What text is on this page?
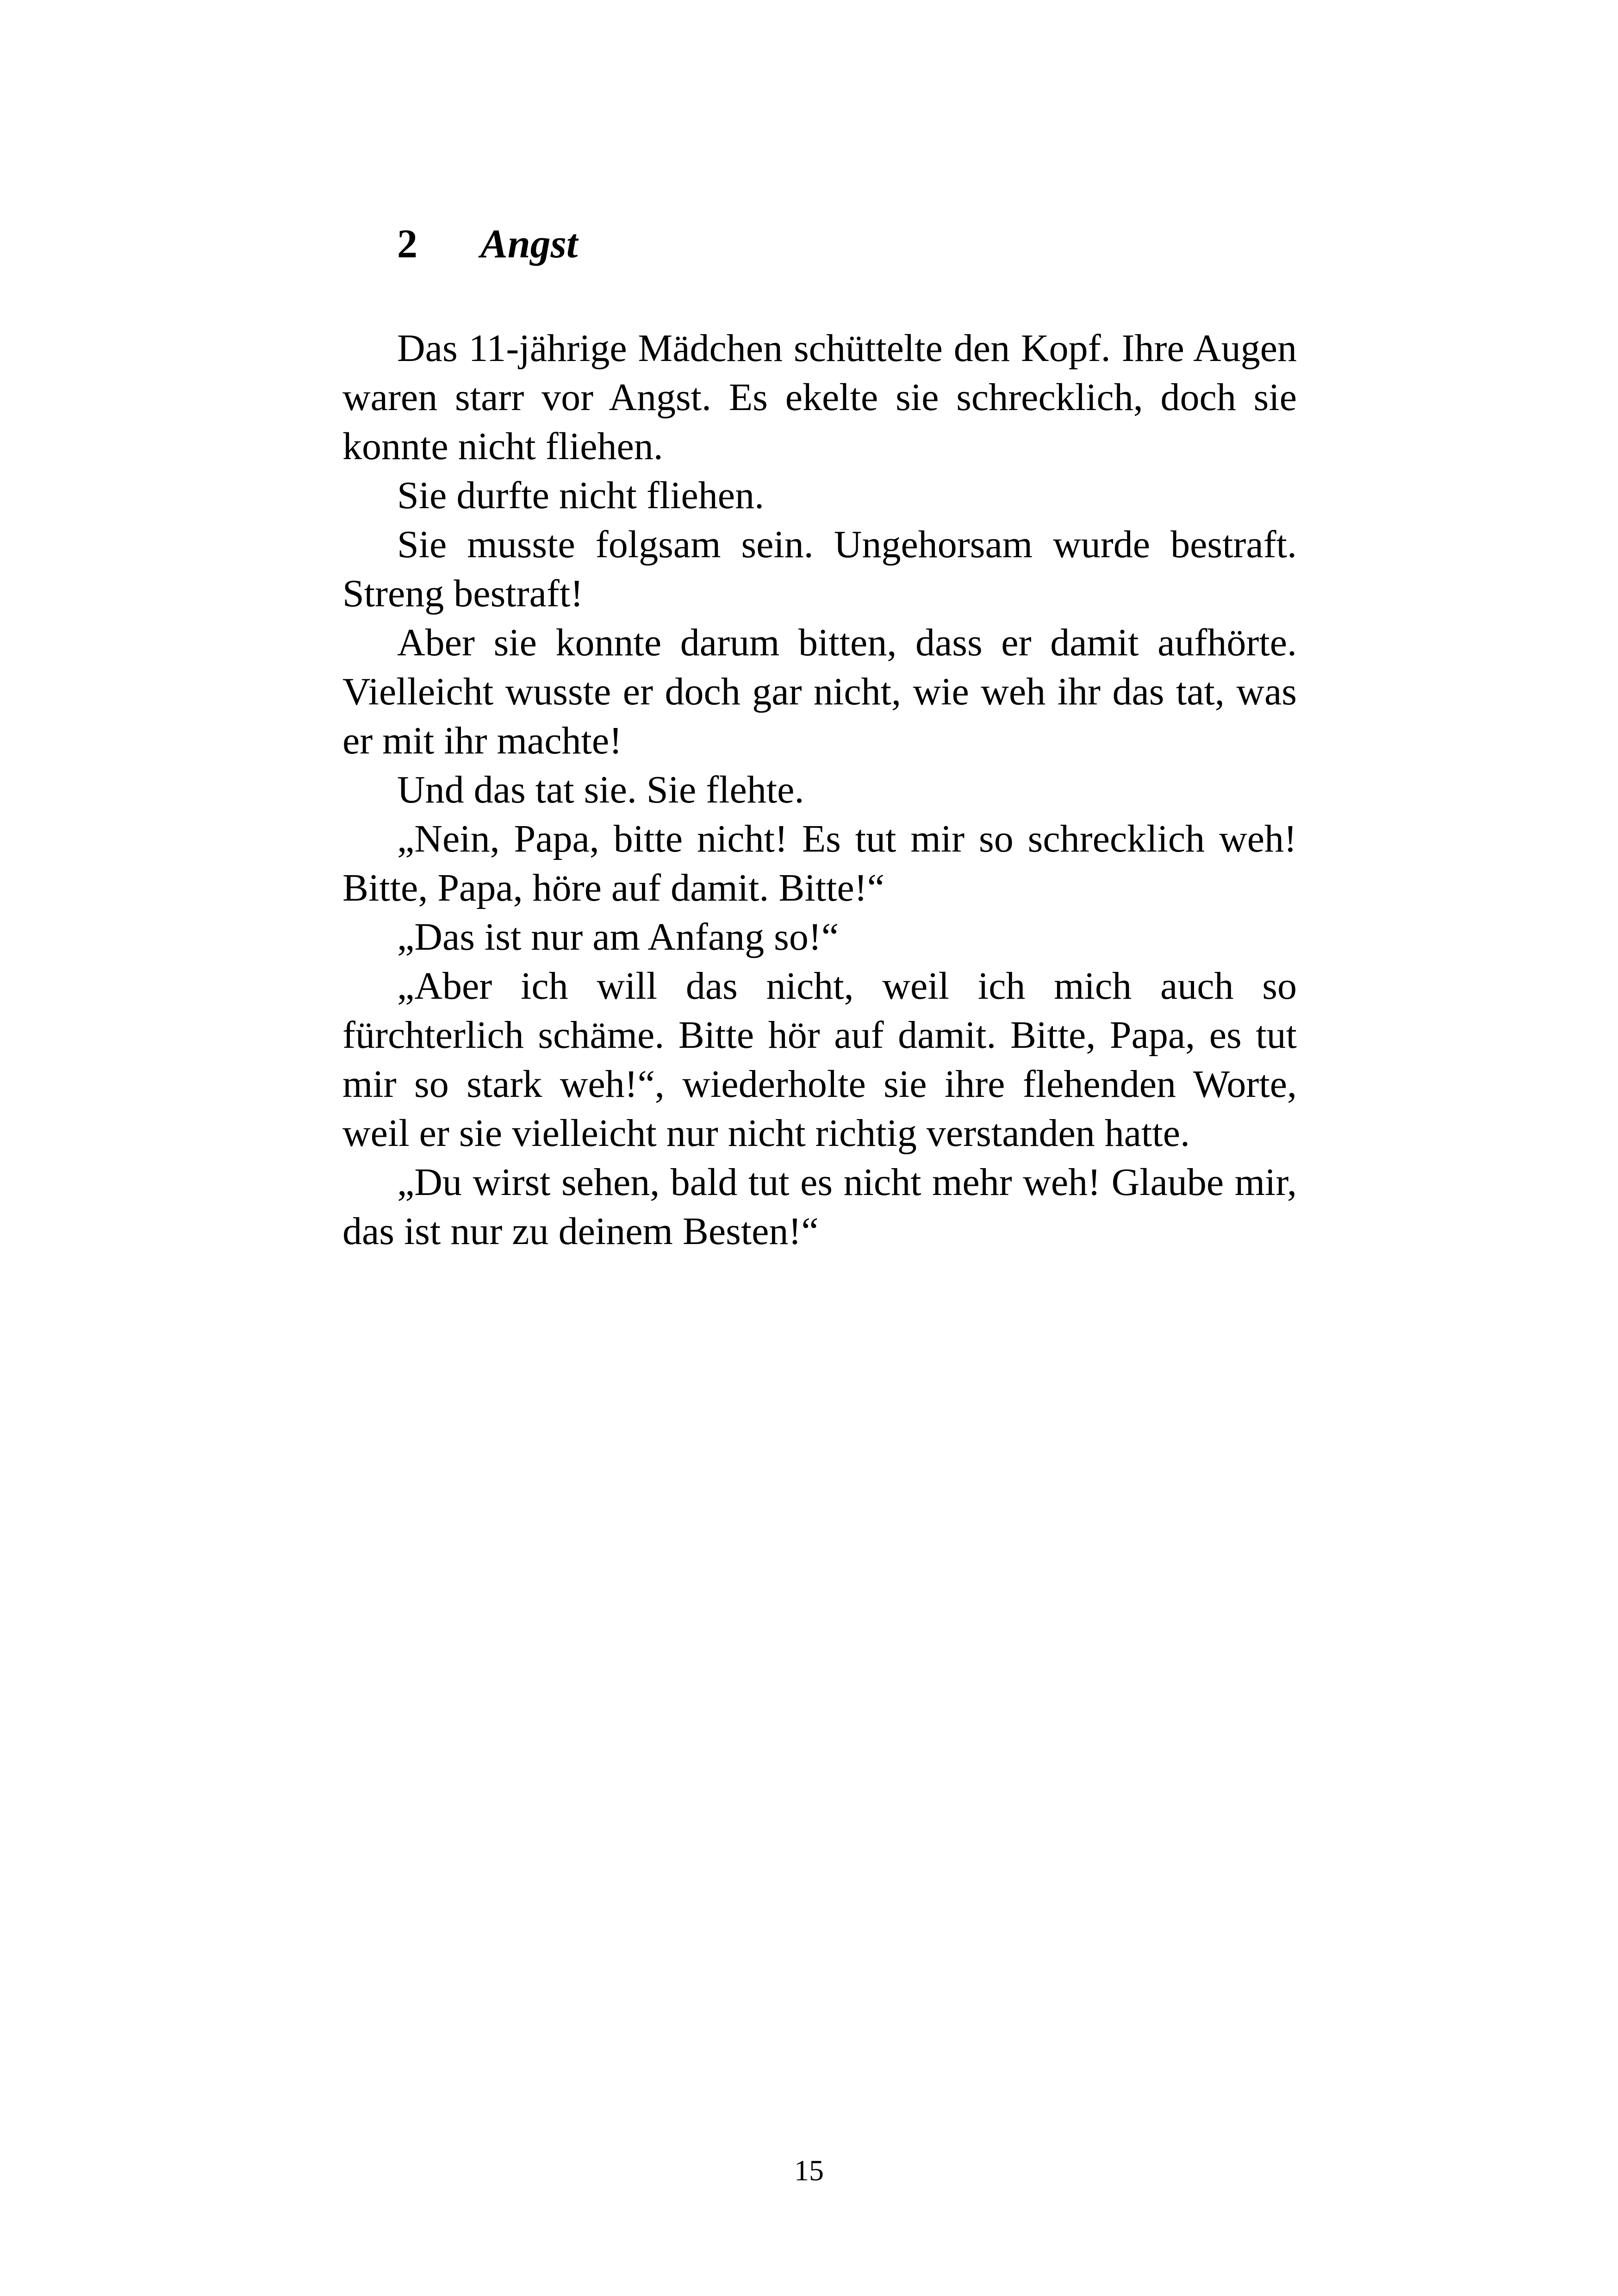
2 Angst

Das 11-jährige Mädchen schüttelte den Kopf. Ihre Augen waren starr vor Angst. Es ekelte sie schrecklich, doch sie konnte nicht fliehen.

Sie durfte nicht fliehen.

Sie musste folgsam sein. Ungehorsam wurde bestraft. Streng bestraft!

Aber sie konnte darum bitten, dass er damit aufhörte. Vielleicht wusste er doch gar nicht, wie weh ihr das tat, was er mit ihr machte!

Und das tat sie. Sie flehte.

„Nein, Papa, bitte nicht! Es tut mir so schrecklich weh! Bitte, Papa, höre auf damit. Bitte!“

„Das ist nur am Anfang so!“

„Aber ich will das nicht, weil ich mich auch so fürchterlich schäme. Bitte hör auf damit. Bitte, Papa, es tut mir so stark weh!“, wiederholte sie ihre flehenden Worte, weil er sie vielleicht nur nicht richtig verstanden hatte.

„Du wirst sehen, bald tut es nicht mehr weh! Glaube mir, das ist nur zu deinem Besten!“

15
